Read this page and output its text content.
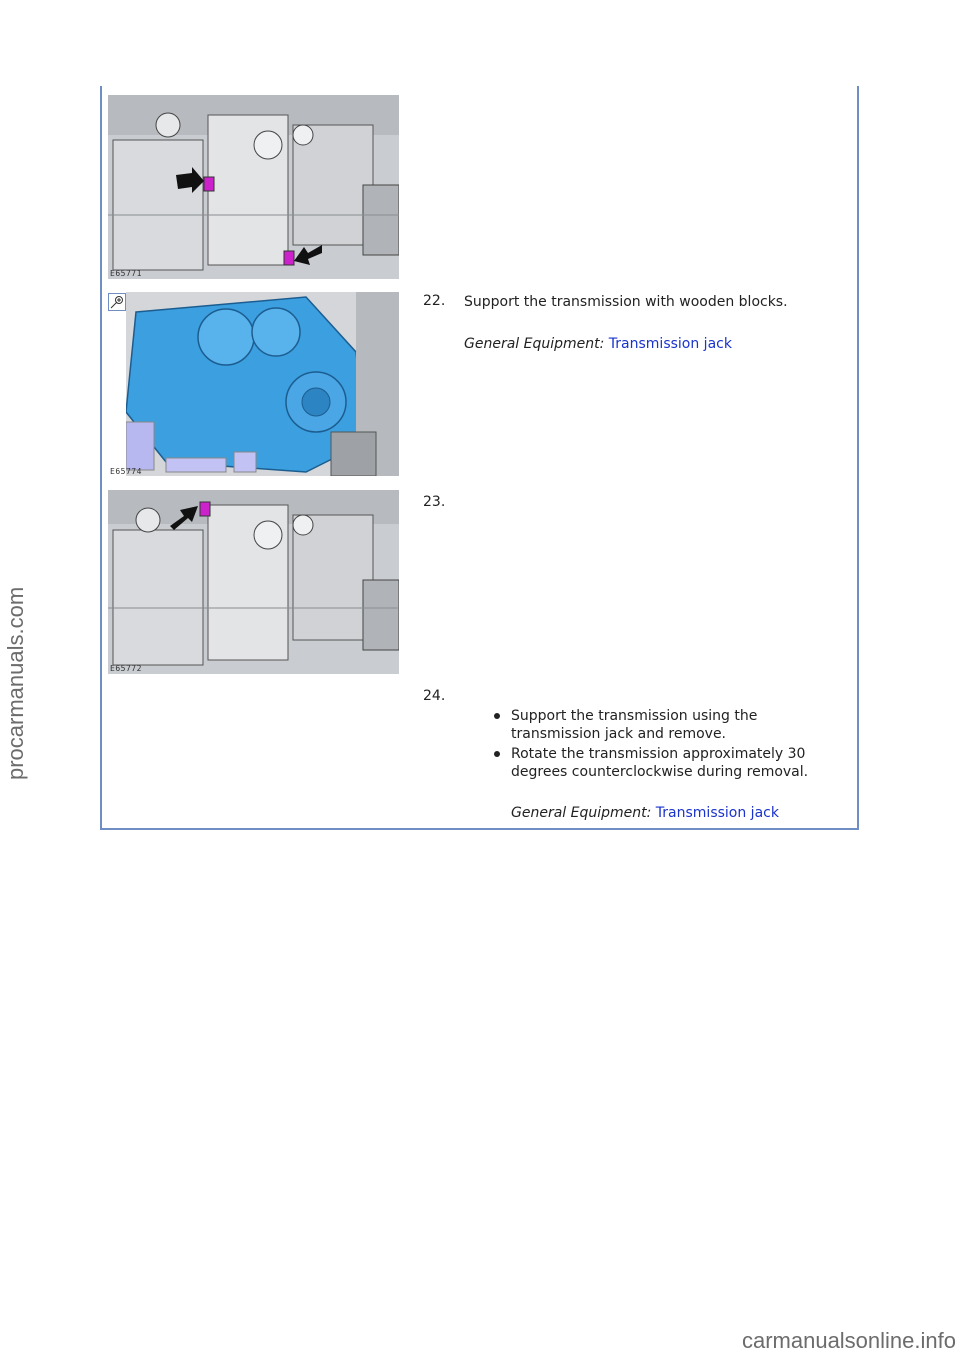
E65771
E65774
E65772
22. Support the transmission with wooden blocks.
General Equipment: Transmission jack
23.
24.
Support the transmission using the transmission jack and remove.
Rotate the transmission approximately 30 degrees counterclockwise during removal.
General Equipment: Transmission jack
procarmanuals.com
carmanualsonline.info
